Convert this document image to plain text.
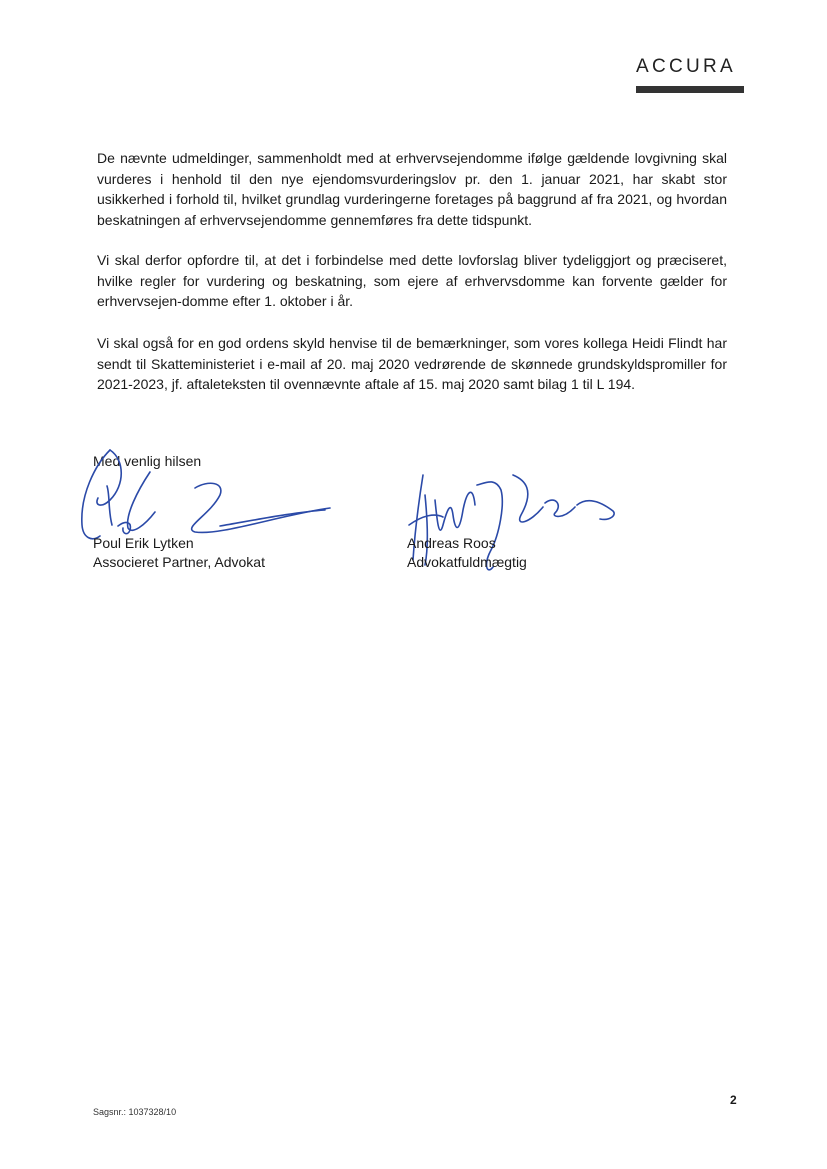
ACCURA

De nævnte udmeldinger, sammenholdt med at erhvervsejendomme ifølge gældende lovgivning skal vurderes i henhold til den nye ejendomsvurderingslov pr. den 1. januar 2021, har skabt stor usikkerhed i forhold til, hvilket grundlag vurderingerne foretages på baggrund af fra 2021, og hvordan beskatningen af erhvervsejendomme gennemføres fra dette tidspunkt.

Vi skal derfor opfordre til, at det i forbindelse med dette lovforslag bliver tydeliggjort og præciseret, hvilke regler for vurdering og beskatning, som ejere af erhvervsdomme kan forvente gælder for erhvervsejen-domme efter 1. oktober i år.

Vi skal også for en god ordens skyld henvise til de bemærkninger, som vores kollega Heidi Flindt har sendt til Skatteministeriet i e-mail af 20. maj 2020 vedrørende de skønnede grundskyldspromiller for 2021-2023, jf. aftaleteksten til ovennævnte aftale af 15. maj 2020 samt bilag 1 til L 194.

Med venlig hilsen
Poul Erik Lytken
Associeret Partner, Advokat
Andreas Roos
Advokatfuldmægtig
2
Sagsnr.: 1037328/10
